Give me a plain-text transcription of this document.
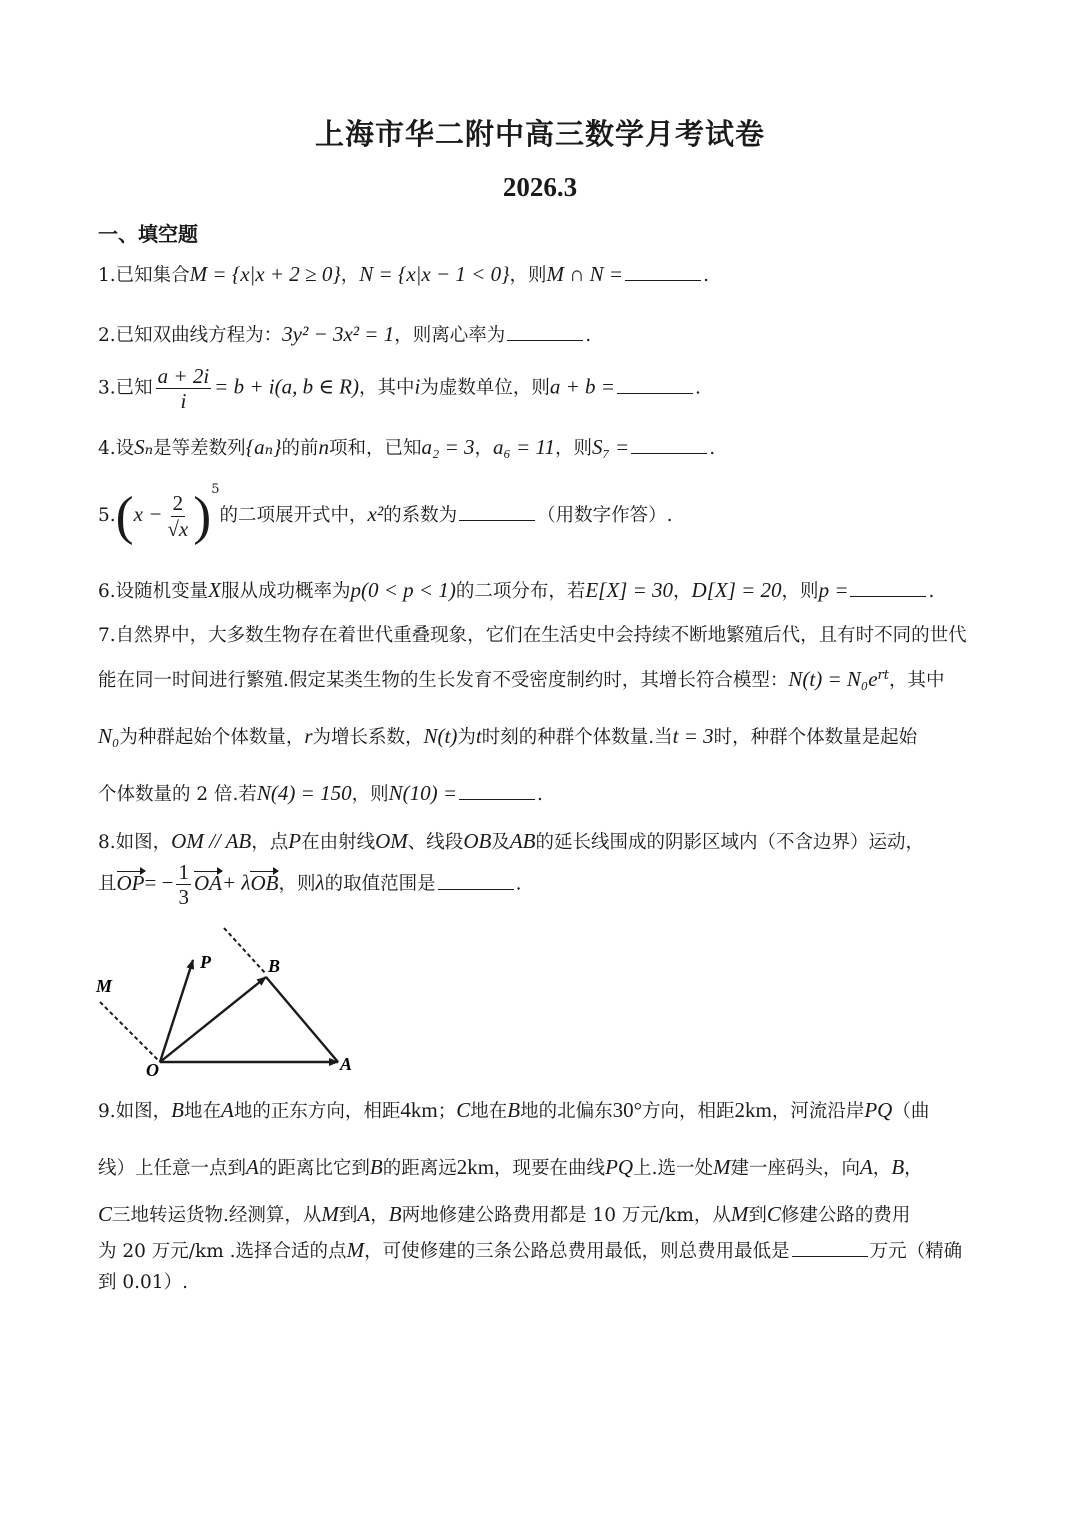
上海市华二附中高三数学月考试卷
2026.3
一、填空题
1.已知集合M = {x|x + 2 ≥ 0}，N = {x|x − 1 < 0}，则M ∩ N =	.
2.已知双曲线方程为：3y² − 3x² = 1，则离心率为	.
3.已知 $\frac{a + 2i}{i} = b + i(a$, b ∈ R)，其中i为虚数单位，则a + b =	.
4.设Sₙ是等差数列{aₙ}的前n项和，已知a₂ = 3，a₆ = 11，则S₇ =	.
$5.(x - \frac{2}{√x} )^5$的二项展开式中，x²的系数为	（用数字作答）.
6.设随机变量X服从成功概率为p(0 < p < 1)的二项分布，若E[X] = 30，D[X] = 20，则p =	.
7.自然界中，大多数生物存在着世代重叠现象，它们在生活史中会持续不断地繁殖后代，且有时不同的世代
能在同一时间进行繁殖.假定某类生物的生长发育不受密度制约时，其增长符合模型：$N(t) = N_0e^{rt}$，其中
N₀为种群起始个体数量，r为增长系数，N(t)为t时刻的种群个体数量.当t = 3时，种群个体数量是起始
个体数量的 2 倍.若N(4) = 150，则N(10) =	.
8.如图，OM // AB，点P在由射线OM、线段OB及AB的延长线围成的阴影区域内（不含边界）运动，
且$OP= - \frac{1}{3} OA+ \lambda OB$，则λ的取值范围是	.
M
P	B
O	A
9.如图，B地在A地的正东方向，相距4km；C地在B地的北偏东30°方向，相距2km，河流沿岸PQ（曲
线）上任意一点到A的距离比它到B的距离远2km，现要在曲线PQ上.选一处M建一座码头，向A，B，
C三地转运货物.经测算，从M到A，B两地修建公路费用都是 10 万元/km，从M到C修建公路的费用
为 20 万元/km .选择合适的点M，可使修建的三条公路总费用最低，则总费用最低是	万元（精确
到 0.01）.
